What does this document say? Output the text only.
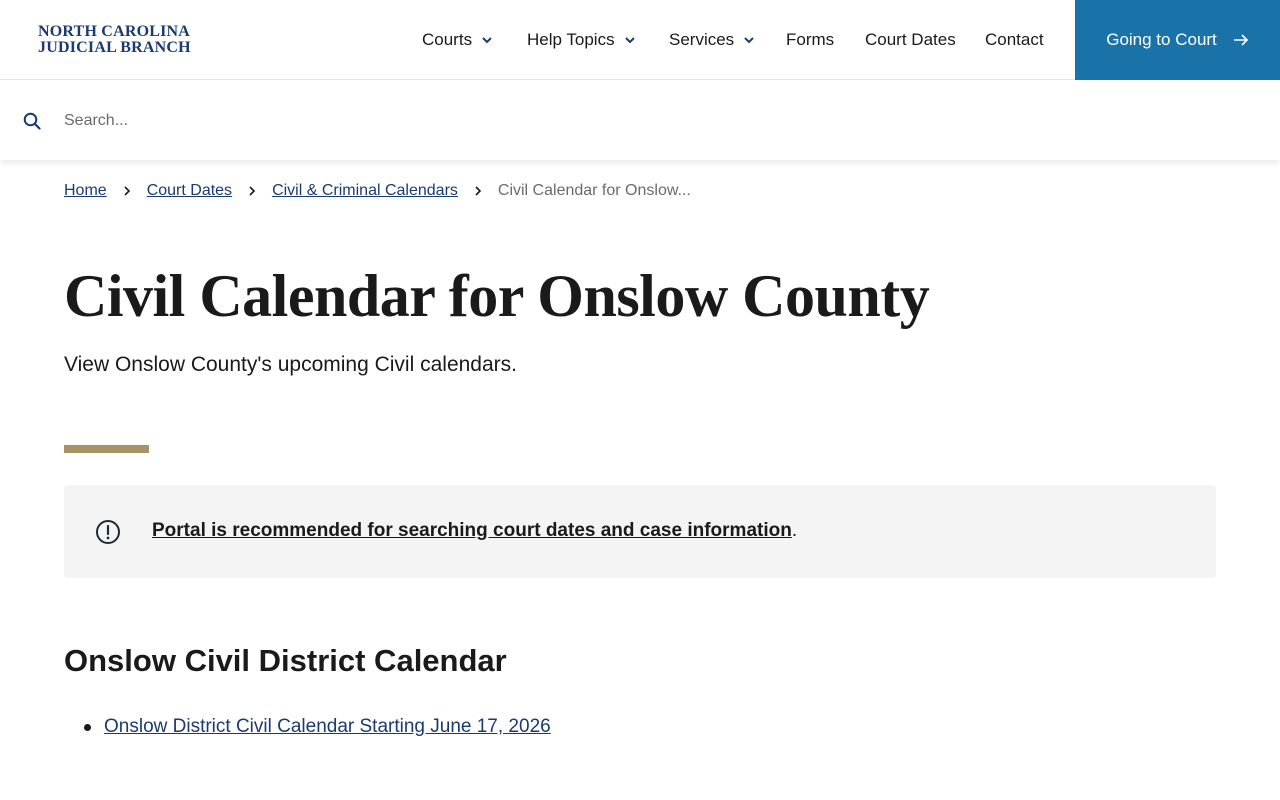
NORTH CAROLINA
JUDICIAL BRANCH	Courts	Help Topics	Services	Forms Court Dates Contact	Going to Court
Search...
Home	Court Dates	Civil & Criminal Calendars	Civil Calendar for Onslow...
Civil Calendar for Onslow County

View Onslow County's upcoming Civil calendars.

Portal is recommended for searching court dates and case information.
Onslow Civil District Calendar
Onslow District Civil Calendar Starting June 17, 2026
